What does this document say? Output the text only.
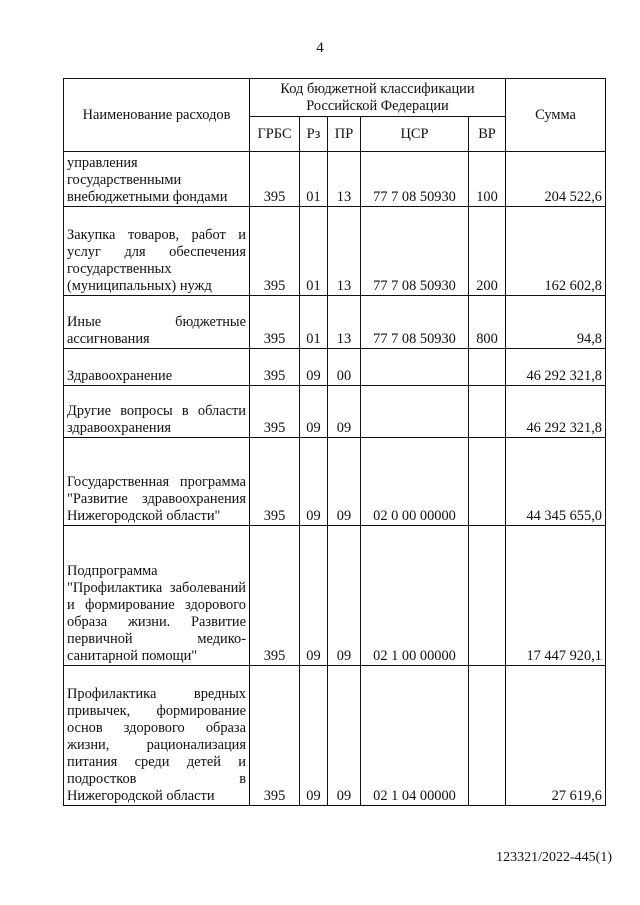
4
Наименование расходов	Код бюджетной классификации Российской Федерации					Сумма
	ГРБС	Рз	ПР	ЦСР	ВР	
управления государственными внебюджетными фондами	395	01	13	77 7 08 50930	100	204 522,6
Закупка товаров, работ и услуг для обеспечения государственных (муниципальных) нужд	395	01	13	77 7 08 50930	200	162 602,8
Иные бюджетные ассигнования	395	01	13	77 7 08 50930	800	94,8
Здравоохранение	395	09	00			46 292 321,8
Другие вопросы в области здравоохранения	395	09	09			46 292 321,8
Государственная программа "Развитие здравоохранения Нижегородской области"	395	09	09	02 0 00 00000		44 345 655,0
Подпрограмма "Профилактика заболеваний и формирование здорового образа жизни. Развитие первичной медико-санитарной помощи"	395	09	09	02 1 00 00000		17 447 920,1
Профилактика вредных привычек, формирование основ здорового образа жизни, рационализация питания среди детей и подростков в Нижегородской области	395	09	09	02 1 04 00000		27 619,6
123321/2022-445(1)
